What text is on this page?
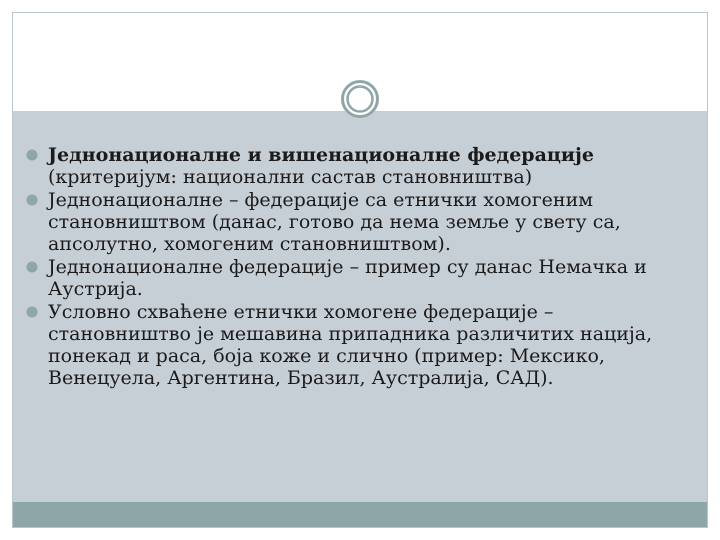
Једнонационалне и вишенационалне федерације (критеријум: национални састав становништва)
Једнонационалне – федерације са етнички хомогеним становништвом (данас, готово да нема земље у свету са, апсолутно, хомогеним становништвом).
Једнонационалне федерације – пример су данас Немачка и Аустрија.
Условно схваћене етнички хомогене федерације – становништво је мешавина припадника различитих нација, понекад и раса, боја коже и слично (пример: Мексико, Венецуела, Аргентина, Бразил, Аустралија, САД).
